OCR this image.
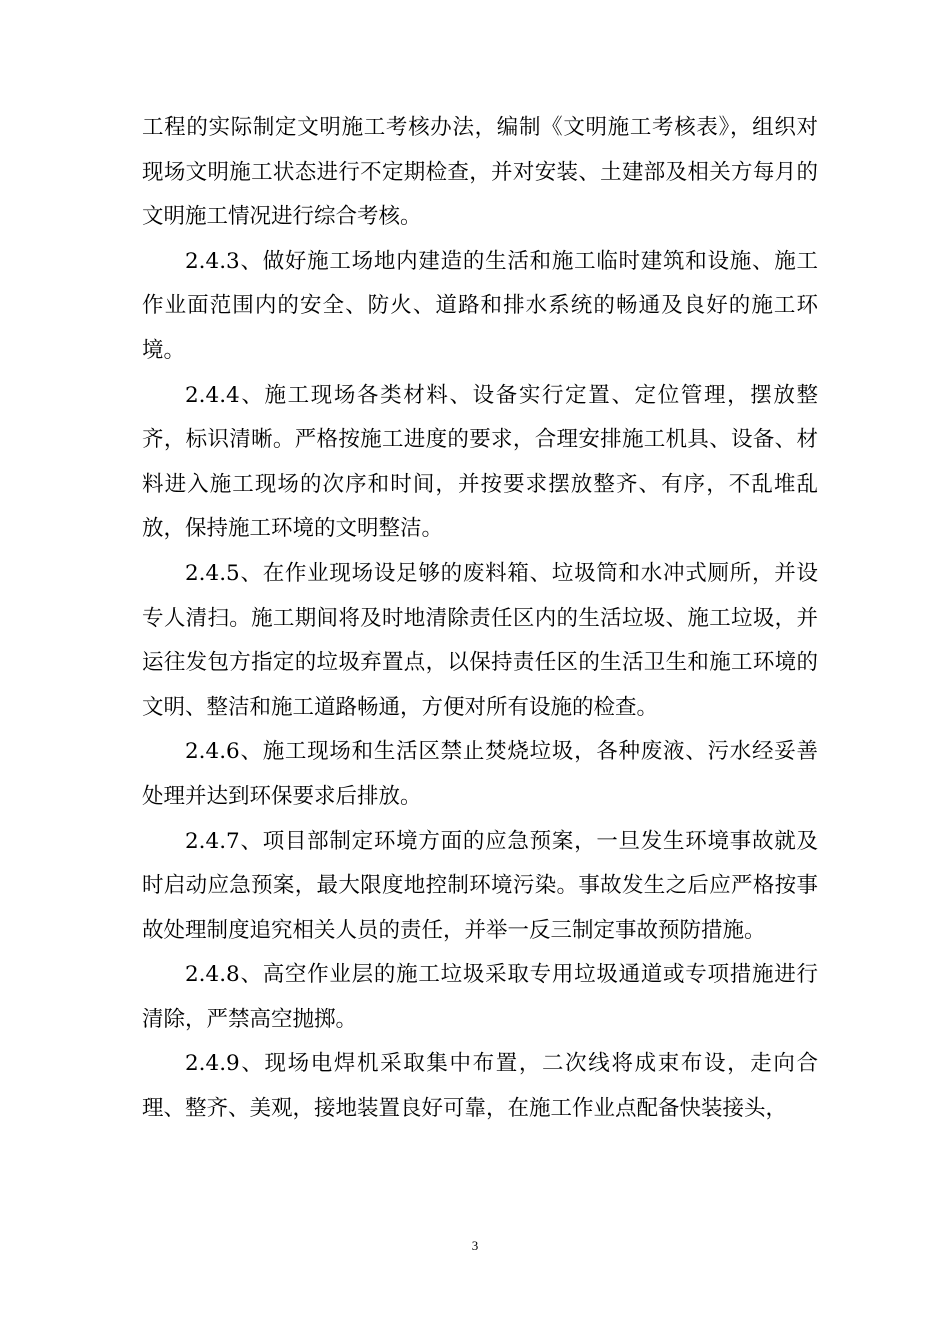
工程的实际制定文明施工考核办法，编制《文明施工考核表》，组织对现场文明施工状态进行不定期检查，并对安装、土建部及相关方每月的文明施工情况进行综合考核。

2.4.3、做好施工场地内建造的生活和施工临时建筑和设施、施工作业面范围内的安全、防火、道路和排水系统的畅通及良好的施工环境。

2.4.4、施工现场各类材料、设备实行定置、定位管理，摆放整齐，标识清晰。严格按施工进度的要求，合理安排施工机具、设备、材料进入施工现场的次序和时间，并按要求摆放整齐、有序，不乱堆乱放，保持施工环境的文明整洁。

2.4.5、在作业现场设足够的废料箱、垃圾筒和水冲式厕所，并设专人清扫。施工期间将及时地清除责任区内的生活垃圾、施工垃圾，并运往发包方指定的垃圾弃置点，以保持责任区的生活卫生和施工环境的文明、整洁和施工道路畅通，方便对所有设施的检查。

2.4.6、施工现场和生活区禁止焚烧垃圾，各种废液、污水经妥善处理并达到环保要求后排放。

2.4.7、项目部制定环境方面的应急预案，一旦发生环境事故就及时启动应急预案，最大限度地控制环境污染。事故发生之后应严格按事故处理制度追究相关人员的责任，并举一反三制定事故预防措施。

2.4.8、高空作业层的施工垃圾采取专用垃圾通道或专项措施进行清除，严禁高空抛掷。

2.4.9、现场电焊机采取集中布置，二次线将成束布设，走向合理、整齐、美观，接地装置良好可靠，在施工作业点配备快装接头，

3
